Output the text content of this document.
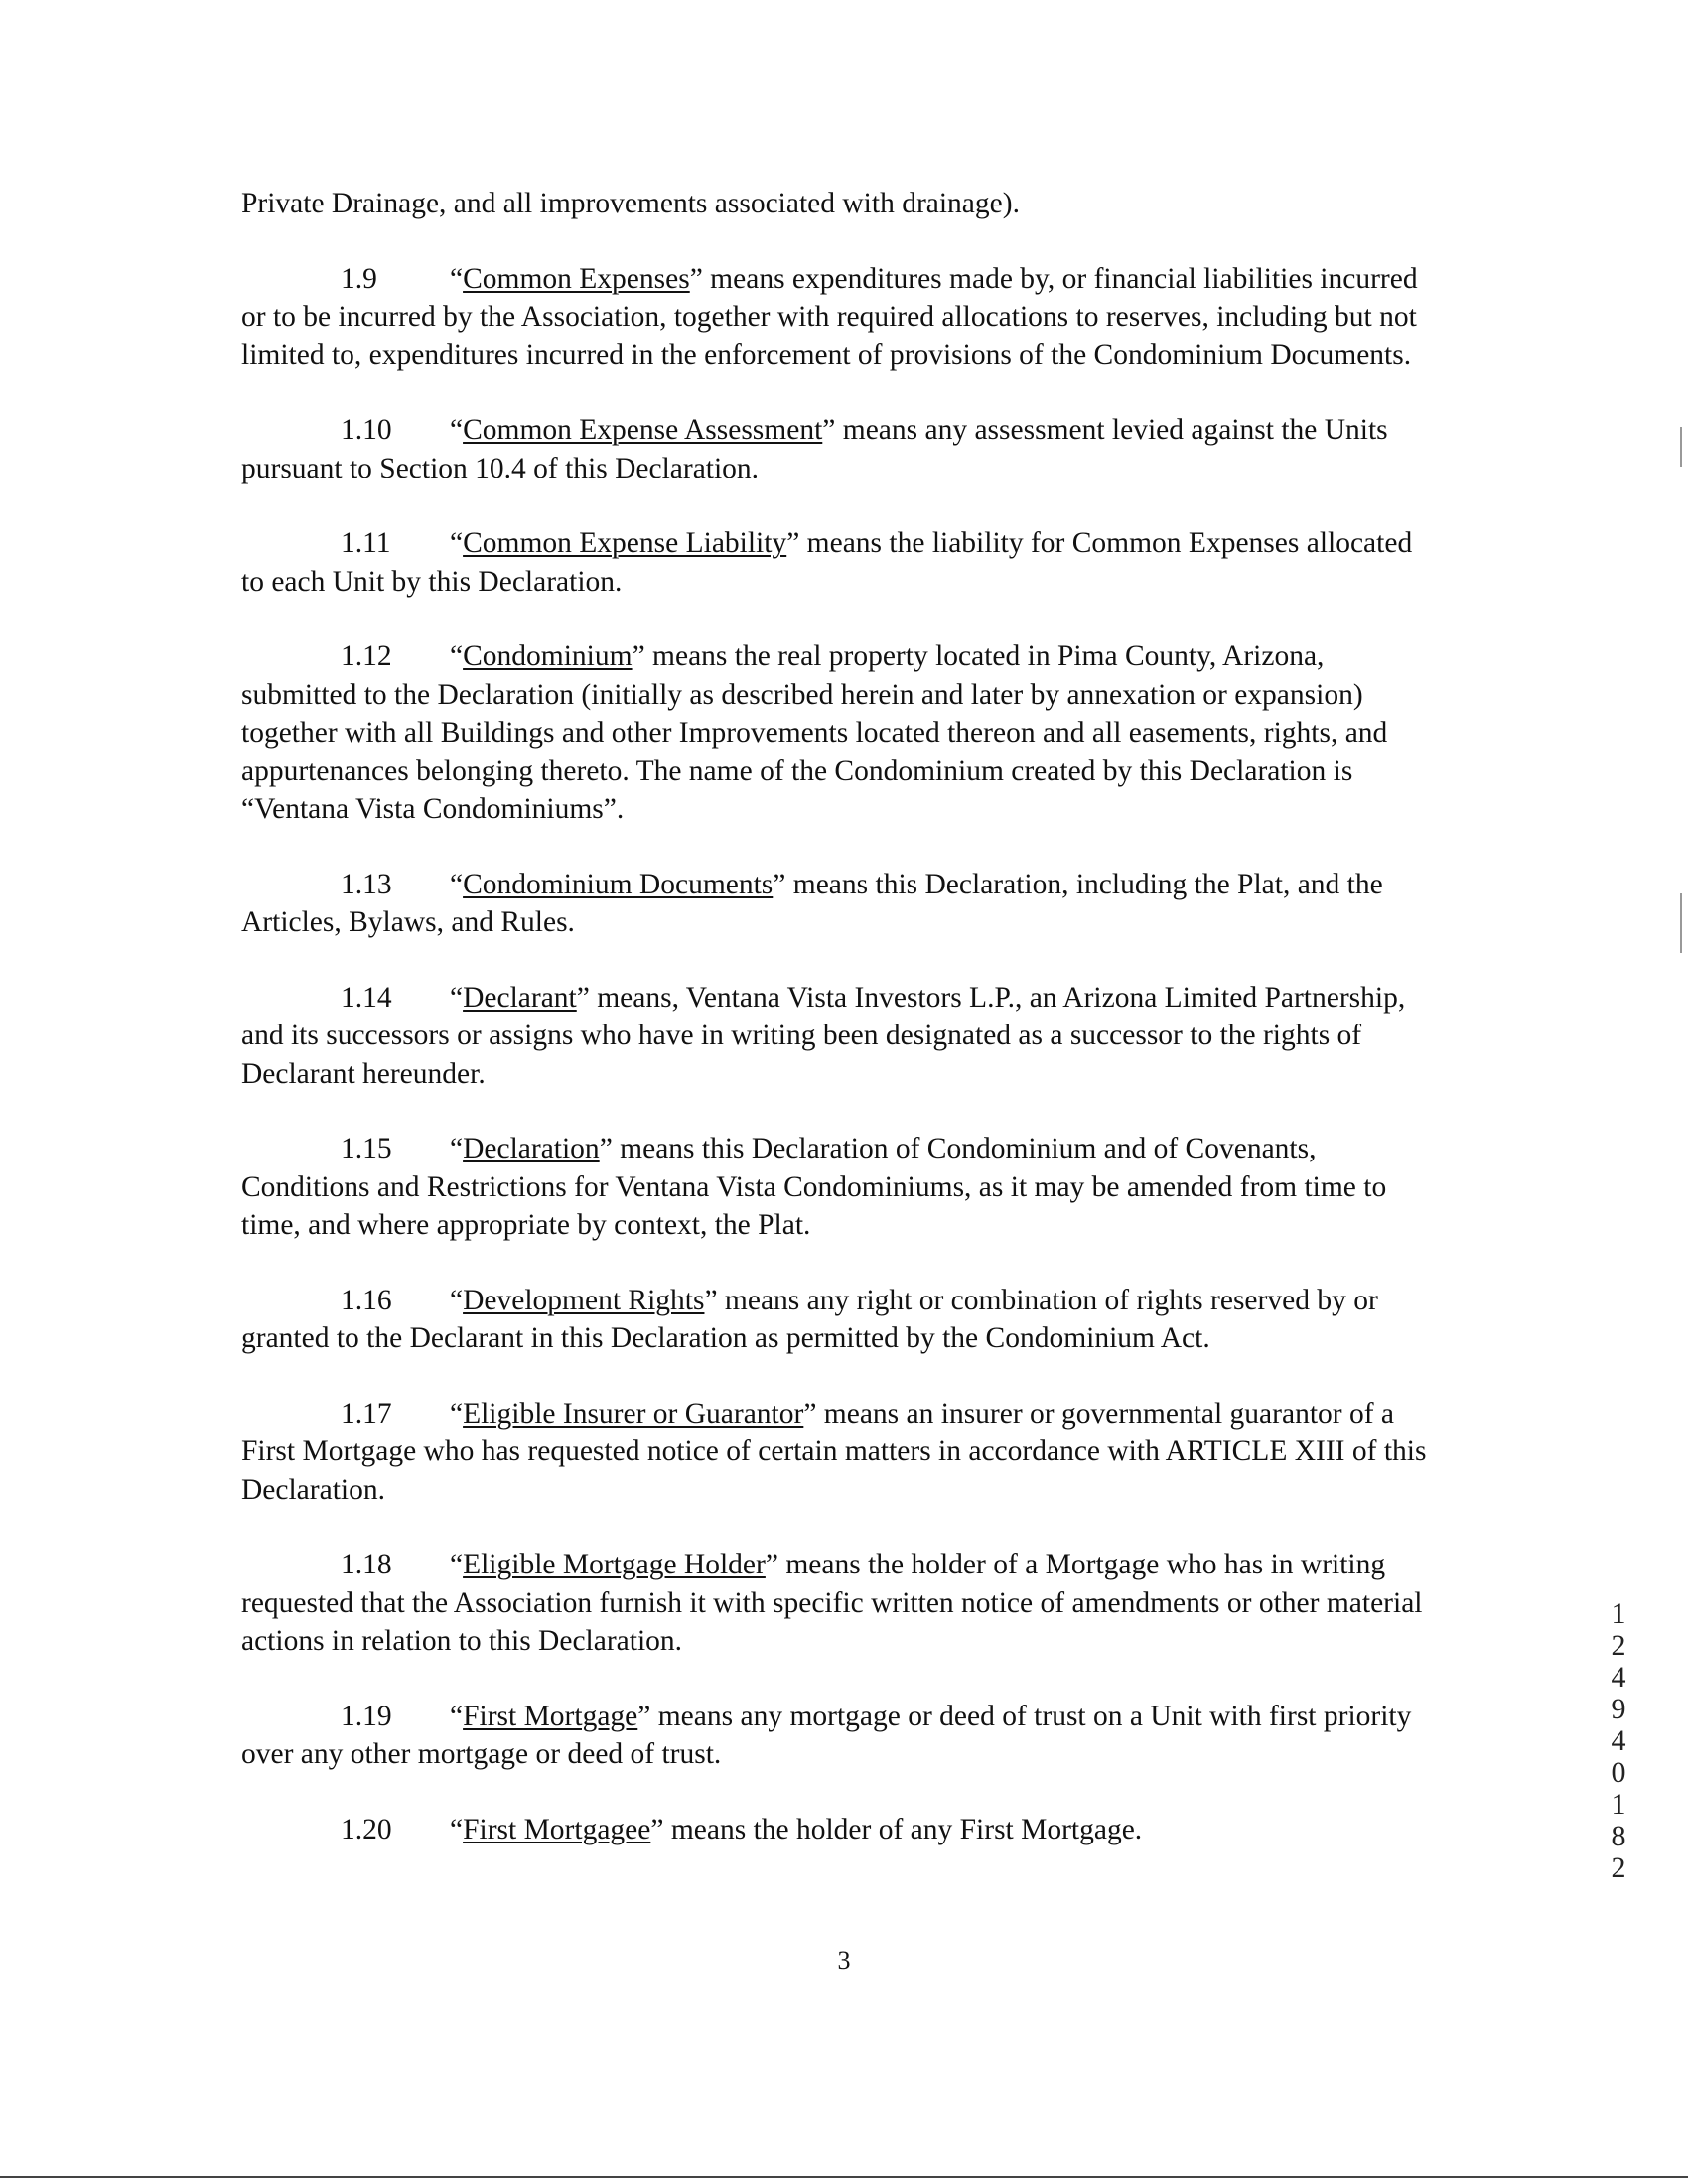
Private Drainage, and all improvements associated with drainage).

1.9 “Common Expenses” means expenditures made by, or financial liabilities incurred or to be incurred by the Association, together with required allocations to reserves, including but not limited to, expenditures incurred in the enforcement of provisions of the Condominium Documents.

1.10 “Common Expense Assessment” means any assessment levied against the Units pursuant to Section 10.4 of this Declaration.

1.11 “Common Expense Liability” means the liability for Common Expenses allocated to each Unit by this Declaration.

1.12 “Condominium” means the real property located in Pima County, Arizona, submitted to the Declaration (initially as described herein and later by annexation or expansion) together with all Buildings and other Improvements located thereon and all easements, rights, and appurtenances belonging thereto. The name of the Condominium created by this Declaration is “Ventana Vista Condominiums”.

1.13 “Condominium Documents” means this Declaration, including the Plat, and the Articles, Bylaws, and Rules.

1.14 “Declarant” means, Ventana Vista Investors L.P., an Arizona Limited Partnership, and its successors or assigns who have in writing been designated as a successor to the rights of Declarant hereunder.

1.15 “Declaration” means this Declaration of Condominium and of Covenants, Conditions and Restrictions for Ventana Vista Condominiums, as it may be amended from time to time, and where appropriate by context, the Plat.

1.16 “Development Rights” means any right or combination of rights reserved by or granted to the Declarant in this Declaration as permitted by the Condominium Act.

1.17 “Eligible Insurer or Guarantor” means an insurer or governmental guarantor of a First Mortgage who has requested notice of certain matters in accordance with ARTICLE XIII of this Declaration.

1.18 “Eligible Mortgage Holder” means the holder of a Mortgage who has in writing requested that the Association furnish it with specific written notice of amendments or other material actions in relation to this Declaration.

1.19 “First Mortgage” means any mortgage or deed of trust on a Unit with first priority over any other mortgage or deed of trust.

1.20 “First Mortgagee” means the holder of any First Mortgage.

3
1
2
4
9
4
0
1
8
2
